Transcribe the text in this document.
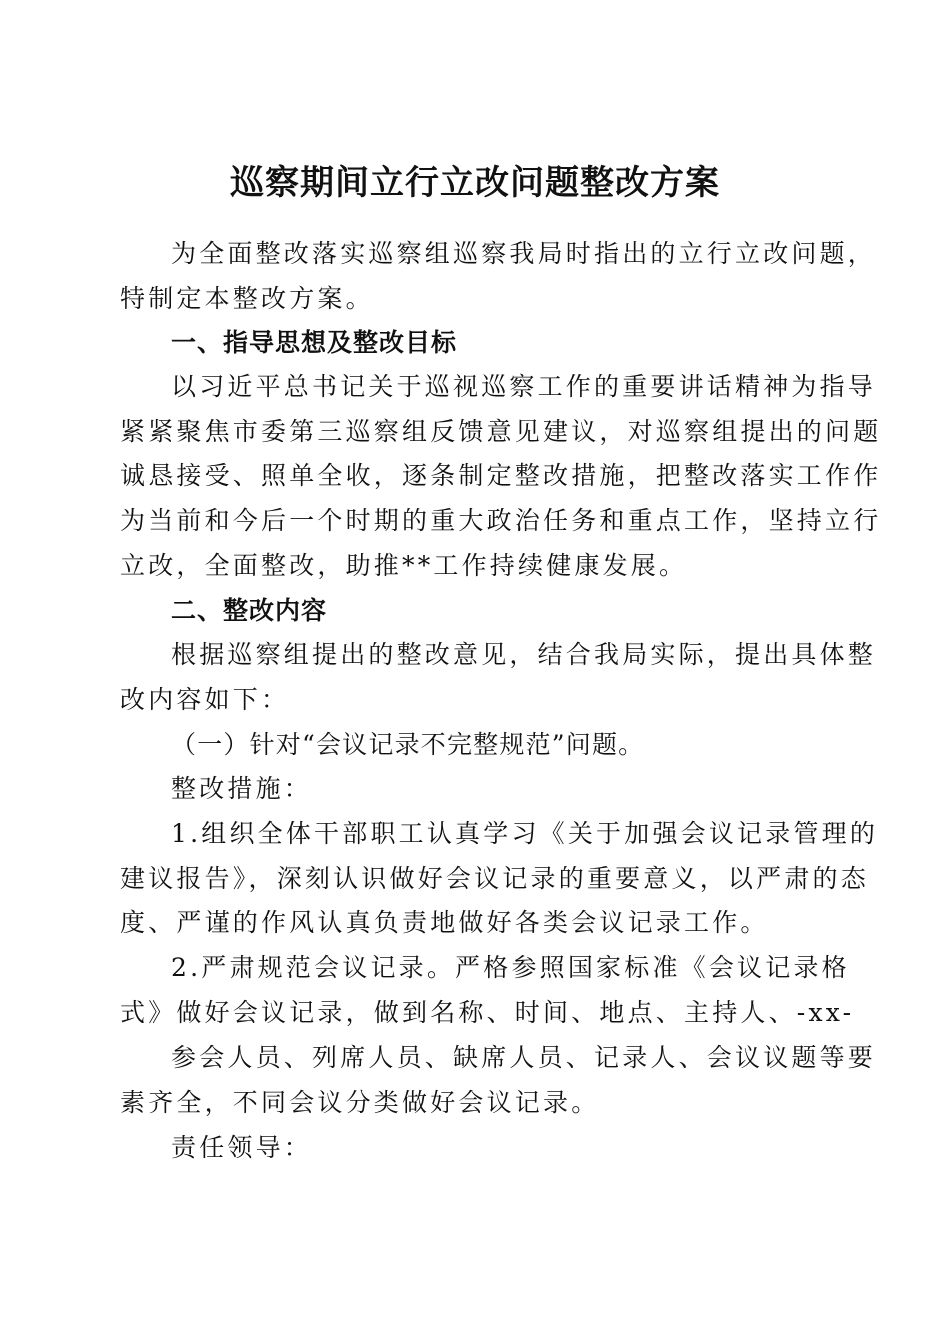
巡察期间立行立改问题整改方案
为全面整改落实巡察组巡察我局时指出的立行立改问题，
特制定本整改方案。
一、指导思想及整改目标
以习近平总书记关于巡视巡察工作的重要讲话精神为指导
紧紧聚焦市委第三巡察组反馈意见建议，对巡察组提出的问题
诚恳接受、照单全收，逐条制定整改措施，把整改落实工作作
为当前和今后一个时期的重大政治任务和重点工作，坚持立行
立改，全面整改，助推**工作持续健康发展。
二、整改内容
根据巡察组提出的整改意见，结合我局实际，提出具体整
改内容如下：
（一）针对“会议记录不完整规范”问题。
整改措施：
1.组织全体干部职工认真学习《关于加强会议记录管理的
建议报告》，深刻认识做好会议记录的重要意义，以严肃的态
度、严谨的作风认真负责地做好各类会议记录工作。
2.严肃规范会议记录。严格参照国家标准《会议记录格
式》做好会议记录，做到名称、时间、地点、主持人、-xx-
参会人员、列席人员、缺席人员、记录人、会议议题等要
素齐全，不同会议分类做好会议记录。
责任领导：
